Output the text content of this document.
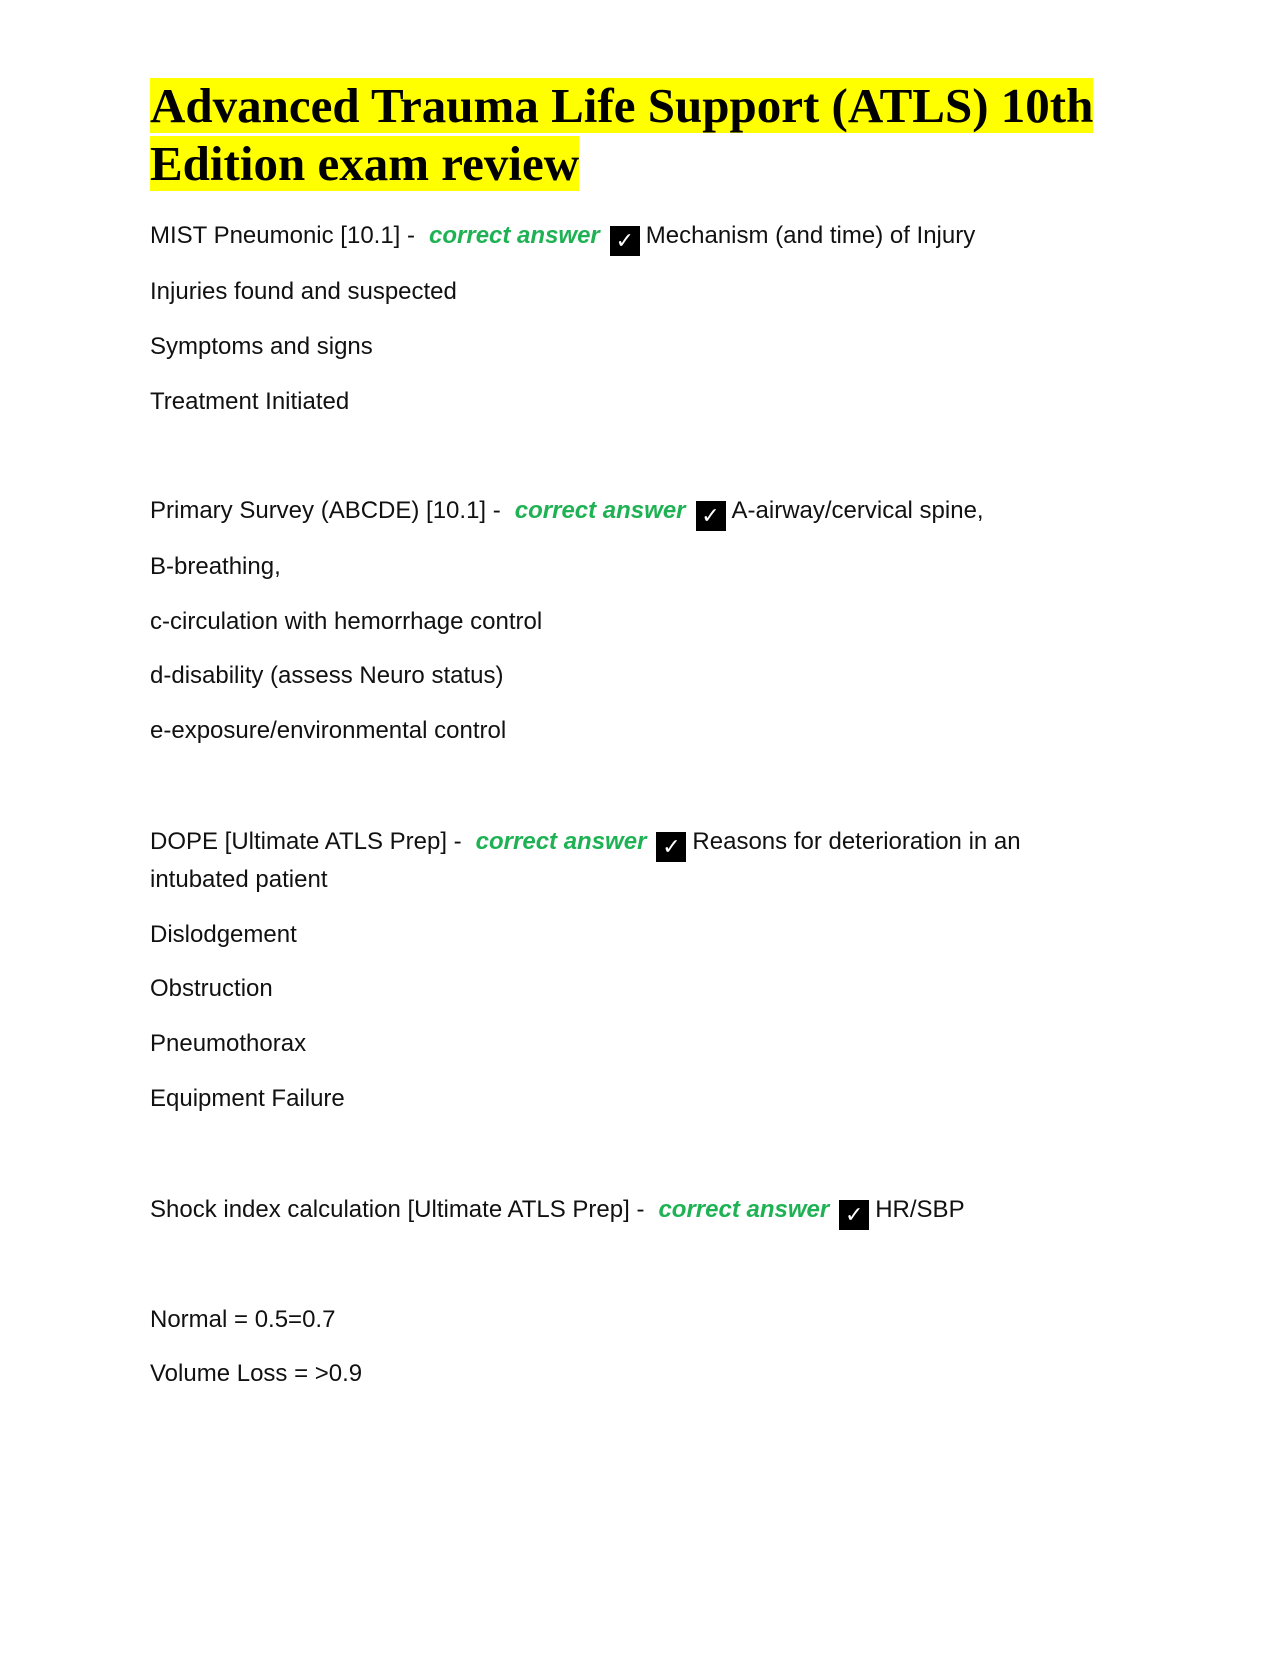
Advanced Trauma Life Support (ATLS) 10th
Edition exam review
MIST Pneumonic [10.1] - correct answer ✓ Mechanism (and time) of Injury
Injuries found and suspected
Symptoms and signs
Treatment Initiated
Primary Survey (ABCDE) [10.1] - correct answer ✓ A-airway/cervical spine,
B-breathing,
c-circulation with hemorrhage control
d-disability (assess Neuro status)
e-exposure/environmental control
DOPE [Ultimate ATLS Prep] - correct answer ✓ Reasons for deterioration in an
intubated patient
Dislodgement
Obstruction
Pneumothorax
Equipment Failure
Shock index calculation [Ultimate ATLS Prep] - correct answer ✓ HR/SBP
Normal = 0.5=0.7
Volume Loss = >0.9
